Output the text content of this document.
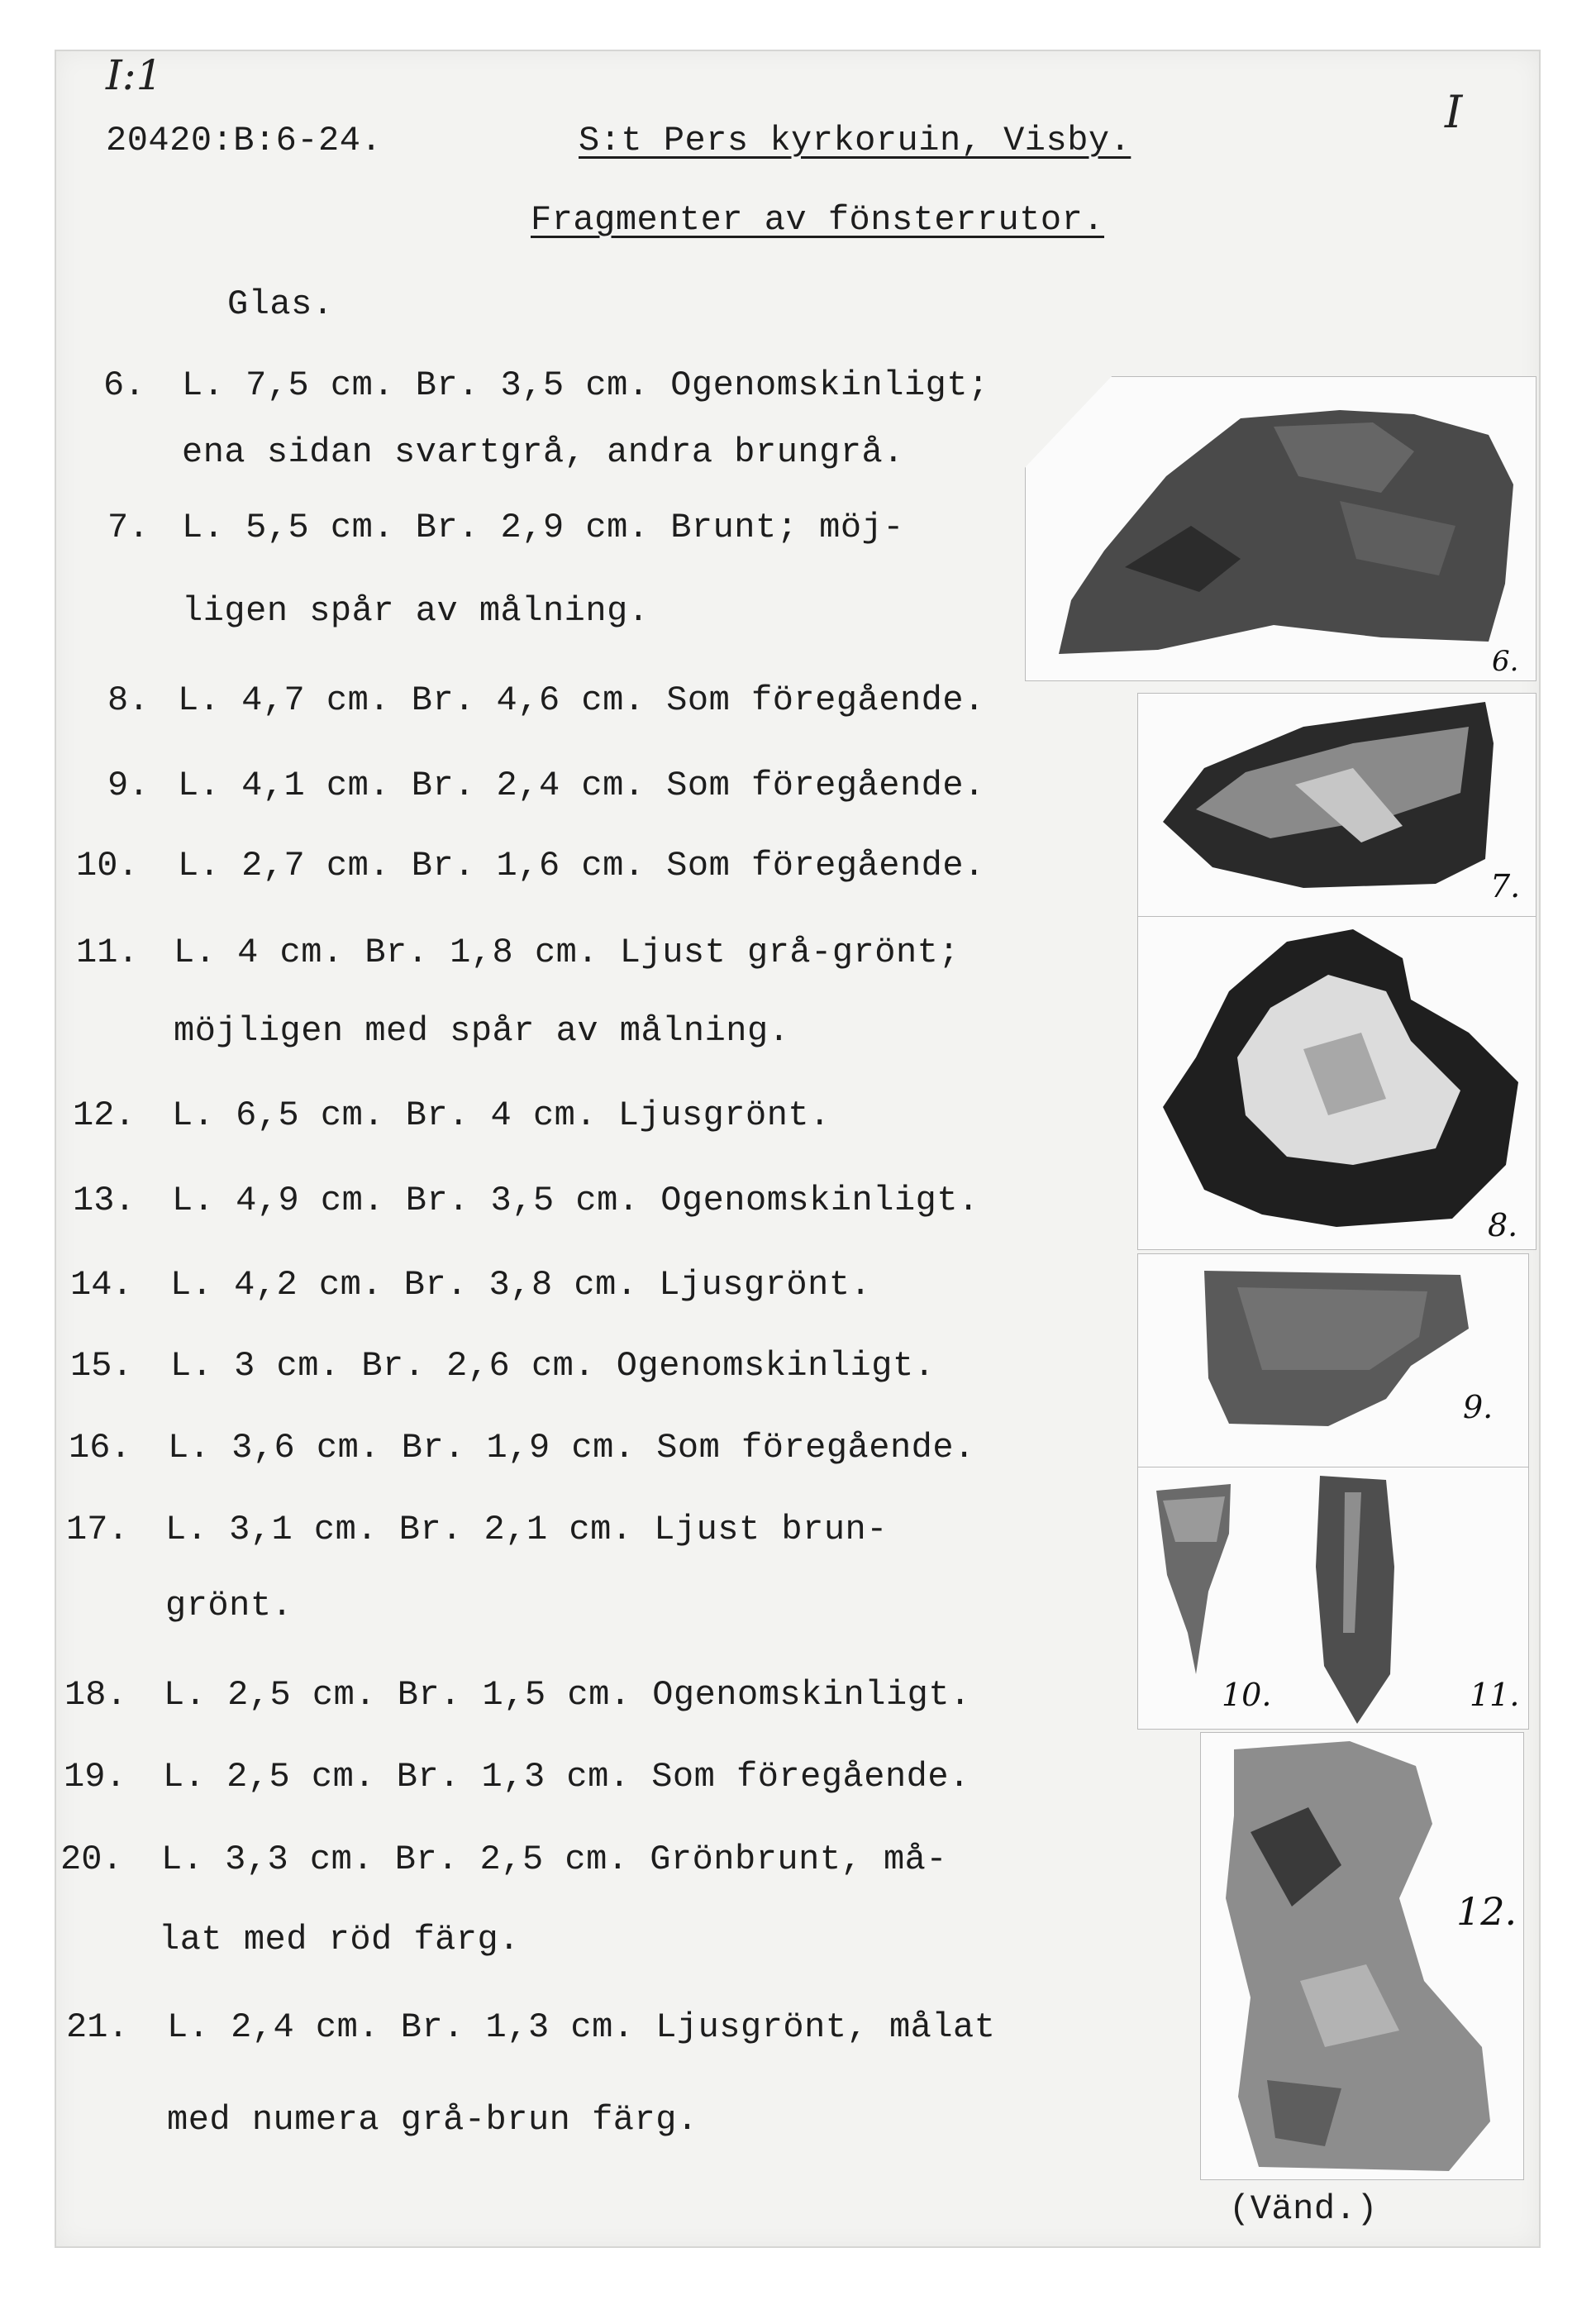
I:1
20420:B:6-24.	S:t Pers kyrkoruin, Visby.
I
Fragmenter av fönsterrutor.
Glas.
6. L. 7,5 cm. Br. 3,5 cm. Ogenomskinligt;
ena sidan svartgrå, andra brungrå.
7. L. 5,5 cm. Br. 2,9 cm. Brunt; möj-
ligen spår av målning.
8. L. 4,7 cm. Br. 4,6 cm. Som föregående.
9. L. 4,1 cm. Br. 2,4 cm. Som föregående.
10. L. 2,7 cm. Br. 1,6 cm. Som föregående.
11. L. 4 cm. Br. 1,8 cm. Ljust grå-grönt;
möjligen med spår av målning.
12. L. 6,5 cm. Br. 4 cm. Ljusgrönt.
13. L. 4,9 cm. Br. 3,5 cm. Ogenomskinligt.
14. L. 4,2 cm. Br. 3,8 cm. Ljusgrönt.
15. L. 3 cm. Br. 2,6 cm. Ogenomskinligt.
16. L. 3,6 cm. Br. 1,9 cm. Som föregående.
17. L. 3,1 cm. Br. 2,1 cm. Ljust brun-
grönt.
18. L. 2,5 cm. Br. 1,5 cm. Ogenomskinligt.
19. L. 2,5 cm. Br. 1,3 cm. Som föregående.
20. L. 3,3 cm. Br. 2,5 cm. Grönbrunt, må-
lat med röd färg.
21. L. 2,4 cm. Br. 1,3 cm. Ljusgrönt, målat
med numera grå-brun färg.
6.
7.
8.
9.
10.	11.
12.
(Vänd.)
